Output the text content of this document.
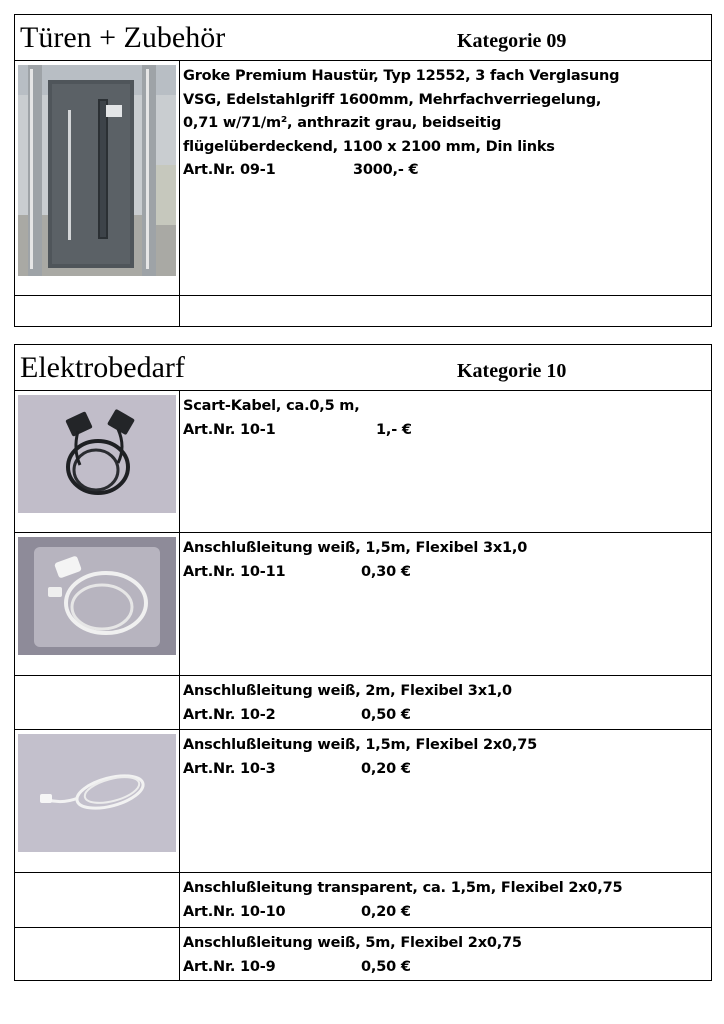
Türen + Zubehör	Kategorie 09
Groke Premium Haustür, Typ 12552, 3 fach Verglasung
VSG, Edelstahlgriff 1600mm, Mehrfachverriegelung,
0,71 w/71/m², anthrazit grau, beidseitig
flügelüberdeckend, 1100 x 2100 mm, Din links
Art.Nr. 09-1	3000,- €
Elektrobedarf	Kategorie 10
Scart-Kabel, ca.0,5 m,
Art.Nr. 10-1	1,- €
Anschlußleitung weiß, 1,5m, Flexibel 3x1,0
Art.Nr. 10-11	0,30 €
Anschlußleitung weiß, 2m, Flexibel 3x1,0
Art.Nr. 10-2	0,50 €
Anschlußleitung weiß, 1,5m, Flexibel 2x0,75
Art.Nr. 10-3	0,20 €
Anschlußleitung transparent, ca. 1,5m, Flexibel 2x0,75
Art.Nr. 10-10	0,20 €
Anschlußleitung weiß, 5m, Flexibel 2x0,75
Art.Nr. 10-9	0,50 €
